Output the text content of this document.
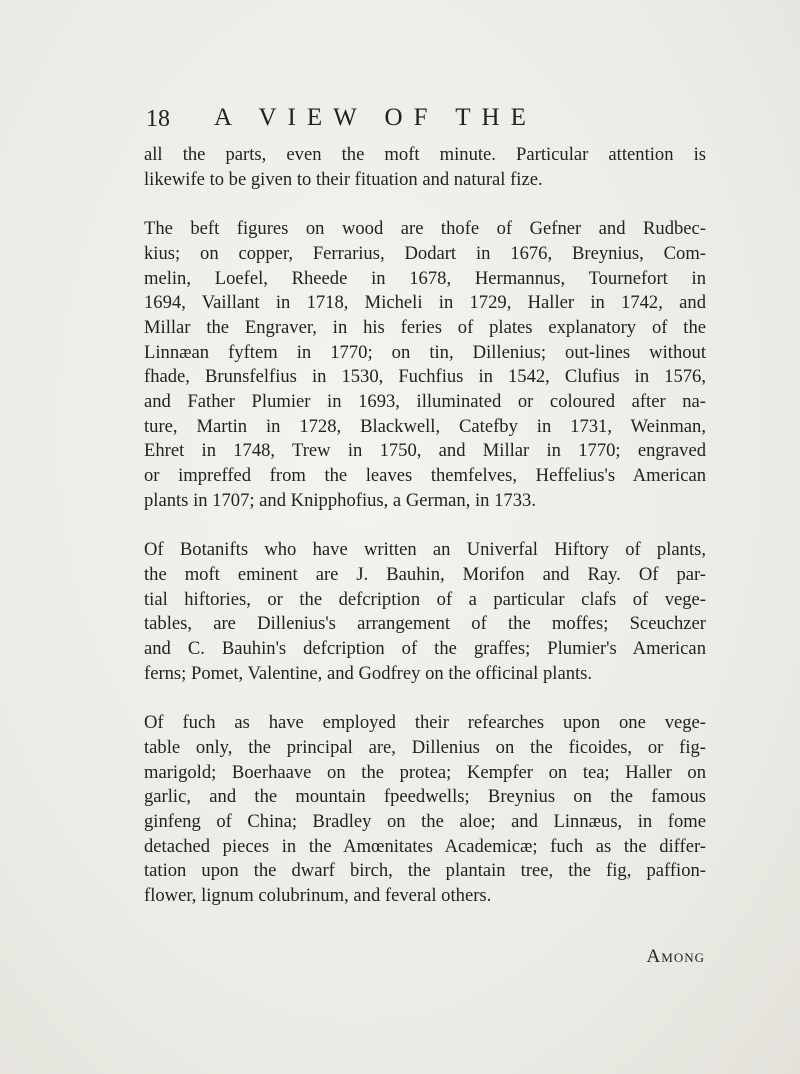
18 A VIEW OF THE

all the parts, even the moft minute. Particular attention is
likewife to be given to their fituation and natural fize.

The beft figures on wood are thofe of Gefner and Rudbec-
kius; on copper, Ferrarius, Dodart in 1676, Breynius, Com-
melin, Loefel, Rheede in 1678, Hermannus, Tournefort in
1694, Vaillant in 1718, Micheli in 1729, Haller in 1742, and
Millar the Engraver, in his feries of plates explanatory of the
Linnæan fyftem in 1770; on tin, Dillenius; out-lines without
fhade, Brunsfelfius in 1530, Fuchfius in 1542, Clufius in 1576,
and Father Plumier in 1693, illuminated or coloured after na-
ture, Martin in 1728, Blackwell, Catefby in 1731, Weinman,
Ehret in 1748, Trew in 1750, and Millar in 1770; engraved
or impreffed from the leaves themfelves, Heffelius's American
plants in 1707; and Knipphofius, a German, in 1733.

Of Botanifts who have written an Univerfal Hiftory of plants,
the moft eminent are J. Bauhin, Morifon and Ray. Of par-
tial hiftories, or the defcription of a particular clafs of vege-
tables, are Dillenius's arrangement of the moffes; Sceuchzer
and C. Bauhin's defcription of the graffes; Plumier's American
ferns; Pomet, Valentine, and Godfrey on the officinal plants.

Of fuch as have employed their refearches upon one vege-
table only, the principal are, Dillenius on the ficoides, or fig-
marigold; Boerhaave on the protea; Kempfer on tea; Haller on
garlic, and the mountain fpeedwells; Breynius on the famous
ginfeng of China; Bradley on the aloe; and Linnæus, in fome
detached pieces in the Amœnitates Academicæ; fuch as the differ-
tation upon the dwarf birch, the plantain tree, the fig, paffion-
flower, lignum colubrinum, and feveral others.

Among
